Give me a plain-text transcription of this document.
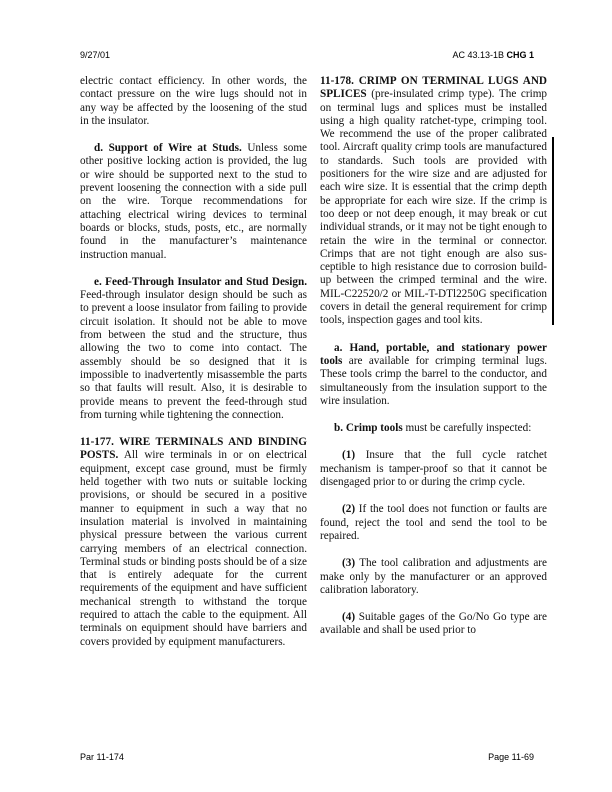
9/27/01	AC 43.13-1B CHG 1

electric contact efficiency. In other words, the contact pressure on the wire lugs should not in any way be affected by the loosening of the stud in the insulator.

d. Support of Wire at Studs. Unless some other positive locking action is provided, the lug or wire should be supported next to the stud to prevent loosening the connection with a side pull on the wire. Torque recommendations for attaching electrical wiring devices to terminal boards or blocks, studs, posts, etc., are normally found in the manufacturer’s maintenance instruction manual.

e. Feed-Through Insulator and Stud Design. Feed-through insulator design should be such as to prevent a loose insulator from failing to provide circuit isolation. It should not be able to move from between the stud and the structure, thus allowing the two to come into contact. The assembly should be so designed that it is impossible to inadvertently misassemble the parts so that faults will result. Also, it is desirable to provide means to prevent the feed-through stud from turning while tightening the connection.

11-177. WIRE TERMINALS AND BINDING POSTS. All wire terminals in or on electrical equipment, except case ground, must be firmly held together with two nuts or suitable locking provisions, or should be secured in a positive manner to equipment in such a way that no insulation material is involved in maintaining physical pressure between the various current carrying members of an electrical connection. Terminal studs or binding posts should be of a size that is entirely adequate for the current requirements of the equipment and have sufficient mechanical strength to withstand the torque required to attach the cable to the equipment. All terminals on equipment should have barriers and covers provided by equipment manufacturers.

11-178. CRIMP ON TERMINAL LUGS AND SPLICES (pre-insulated crimp type). The crimp on terminal lugs and splices must be installed using a high quality ratchet-type, crimping tool. We recommend the use of the proper calibrated tool. Aircraft quality crimp tools are manufactured to standards. Such tools are provided with positioners for the wire size and are adjusted for each wire size. It is essential that the crimp depth be appropriate for each wire size. If the crimp is too deep or not deep enough, it may break or cut individual strands, or it may not be tight enough to retain the wire in the terminal or connector. Crimps that are not tight enough are also susceptible to high resistance due to corrosion build-up between the crimped terminal and the wire. MIL-C22520/2 or MIL-T-DTl2250G specification covers in detail the general requirement for crimp tools, inspection gages and tool kits.

a. Hand, portable, and stationary power tools are available for crimping terminal lugs. These tools crimp the barrel to the conductor, and simultaneously from the insulation support to the wire insulation.

b. Crimp tools must be carefully inspected:

(1) Insure that the full cycle ratchet mechanism is tamper-proof so that it cannot be disengaged prior to or during the crimp cycle.

(2) If the tool does not function or faults are found, reject the tool and send the tool to be repaired.

(3) The tool calibration and adjustments are make only by the manufacturer or an approved calibration laboratory.

(4) Suitable gages of the Go/No Go type are available and shall be used prior to

Par 11-174	Page 11-69
